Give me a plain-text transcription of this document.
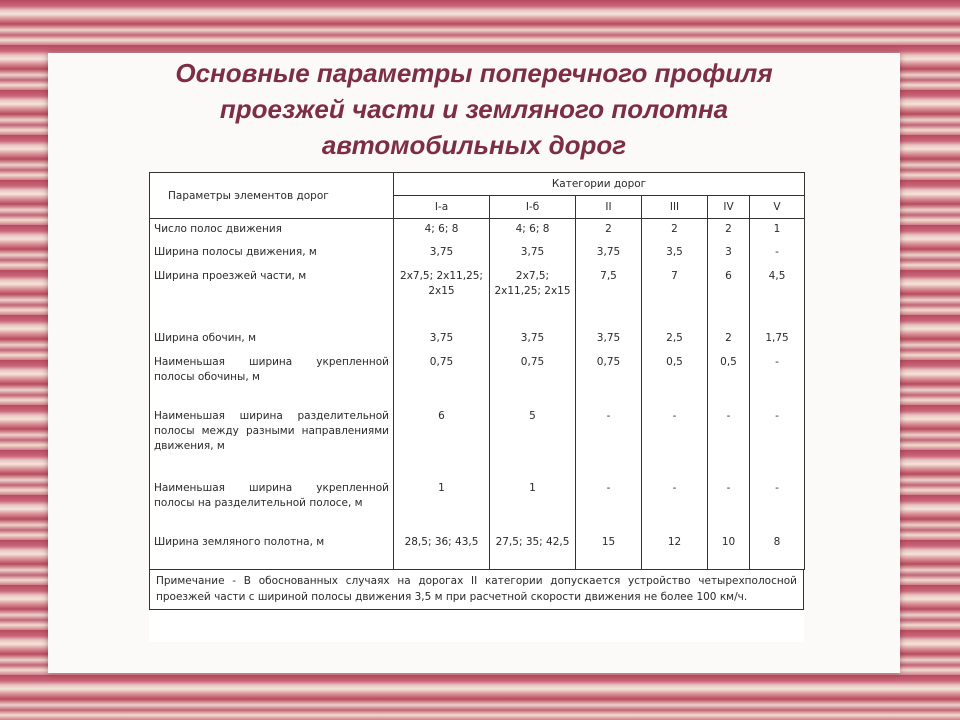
Основные параметры поперечного профиля
проезжей части и земляного полотна
автомобильных дорог
Параметры элементов дорог	Категории дорог					
	I-а	I-б	II	III	IV	V
Число полос движения	4; 6; 8	4; 6; 8	2	2	2	1
Ширина полосы движения, м	3,75	3,75	3,75	3,5	3	-
Ширина проезжей части, м	2x7,5; 2x11,25; 2x15	2x7,5; 2x11,25; 2x15	7,5	7	6	4,5
Ширина обочин, м	3,75	3,75	3,75	2,5	2	1,75
Наименьшая ширина укрепленной полосы обочины, м	0,75	0,75	0,75	0,5	0,5	-
Наименьшая ширина разделительной полосы между разными направлениями движения, м	6	5	-	-	-	-
Наименьшая ширина укрепленной полосы на разделительной полосе, м	1	1	-	-	-	-
Ширина земляного полотна, м	28,5; 36; 43,5	27,5; 35; 42,5	15	12	10	8
Примечание - В обоснованных случаях на дорогах II категории допускается устройство четырехполосной проезжей части с шириной полосы движения 3,5 м при расчетной скорости движения не более 100 км/ч.
